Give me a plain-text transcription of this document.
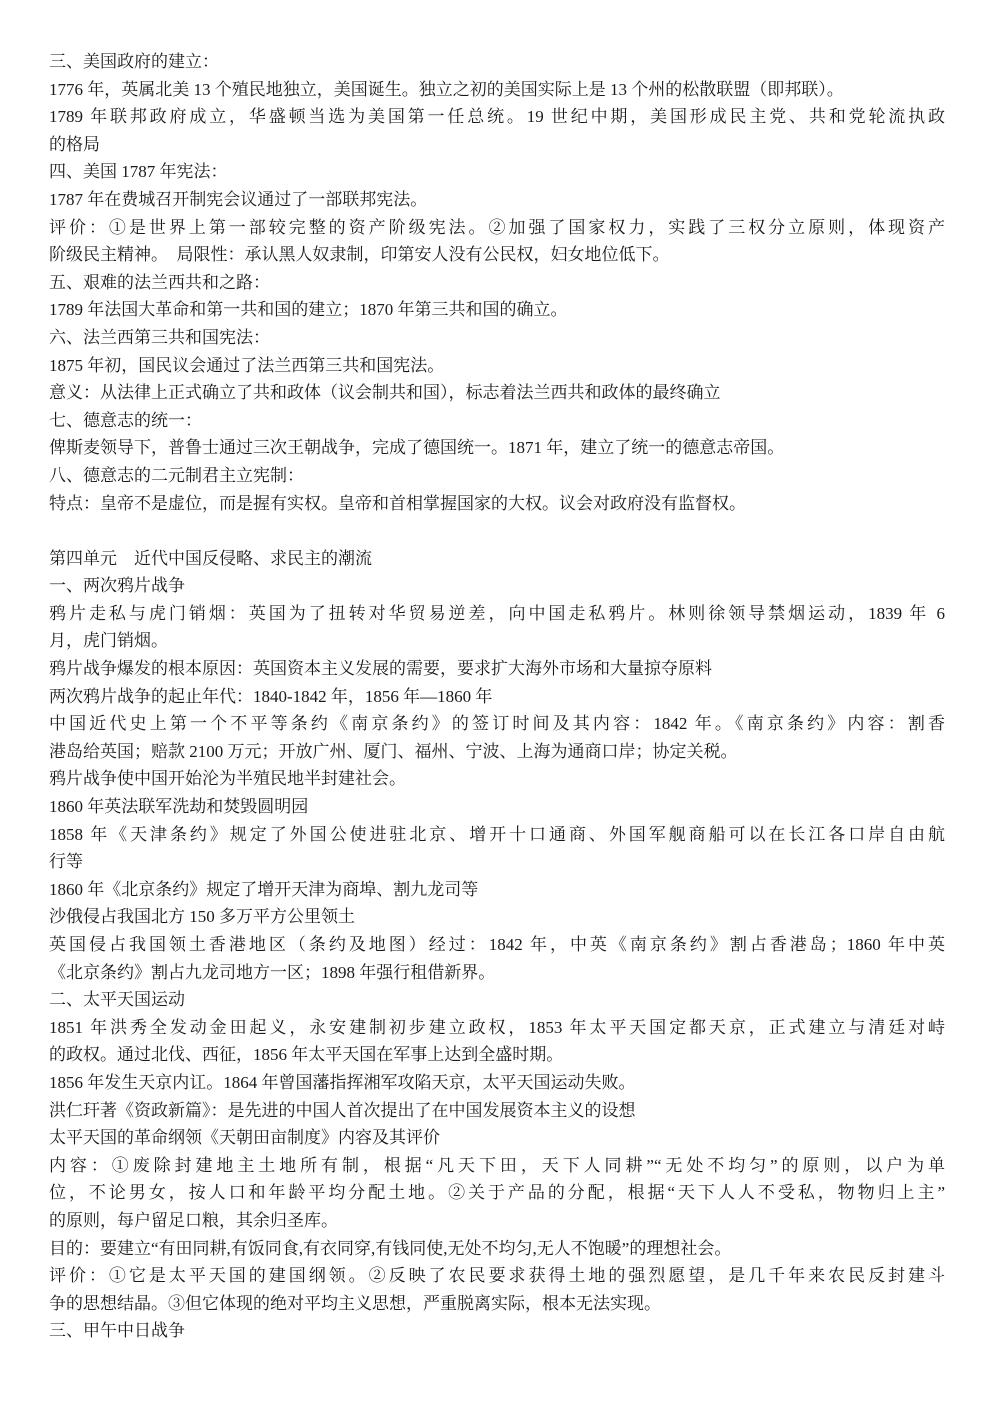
三、美国政府的建立：
1776 年，英属北美 13 个殖民地独立，美国诞生。独立之初的美国实际上是 13 个州的松散联盟（即邦联）。
1789 年联邦政府成立，华盛顿当选为美国第一任总统。19 世纪中期，美国形成民主党、共和党轮流执政
的格局
四、美国 1787 年宪法：
1787 年在费城召开制宪会议通过了一部联邦宪法。
评价：①是世界上第一部较完整的资产阶级宪法。②加强了国家权力，实践了三权分立原则，体现资产
阶级民主精神。　局限性：承认黑人奴隶制，印第安人没有公民权，妇女地位低下。
五、艰难的法兰西共和之路：
1789 年法国大革命和第一共和国的建立；1870 年第三共和国的确立。
六、法兰西第三共和国宪法：
1875 年初，国民议会通过了法兰西第三共和国宪法。
意义：从法律上正式确立了共和政体（议会制共和国），标志着法兰西共和政体的最终确立
七、德意志的统一：
俾斯麦领导下，普鲁士通过三次王朝战争，完成了德国统一。1871 年，建立了统一的德意志帝国。
八、德意志的二元制君主立宪制：
特点：皇帝不是虚位，而是握有实权。皇帝和首相掌握国家的大权。议会对政府没有监督权。
第四单元　近代中国反侵略、求民主的潮流
一、两次鸦片战争
鸦片走私与虎门销烟：英国为了扭转对华贸易逆差，向中国走私鸦片。林则徐领导禁烟运动，1839 年 6
月，虎门销烟。
鸦片战争爆发的根本原因：英国资本主义发展的需要，要求扩大海外市场和大量掠夺原料
两次鸦片战争的起止年代：1840-1842 年，1856 年—1860 年
中国近代史上第一个不平等条约《南京条约》的签订时间及其内容：1842 年。《南京条约》内容：割香
港岛给英国；赔款 2100 万元；开放广州、厦门、福州、宁波、上海为通商口岸；协定关税。
鸦片战争使中国开始沦为半殖民地半封建社会。
1860 年英法联军洗劫和焚毁圆明园
1858 年《天津条约》规定了外国公使进驻北京、增开十口通商、外国军舰商船可以在长江各口岸自由航
行等
1860 年《北京条约》规定了增开天津为商埠、割九龙司等
沙俄侵占我国北方 150 多万平方公里领土
英国侵占我国领土香港地区（条约及地图）经过：1842 年，中英《南京条约》割占香港岛；1860 年中英
《北京条约》割占九龙司地方一区；1898 年强行租借新界。
二、太平天国运动
1851 年洪秀全发动金田起义，永安建制初步建立政权，1853 年太平天国定都天京，正式建立与清廷对峙
的政权。通过北伐、西征，1856 年太平天国在军事上达到全盛时期。
1856 年发生天京内讧。1864 年曾国藩指挥湘军攻陷天京，太平天国运动失败。
洪仁玕著《资政新篇》：是先进的中国人首次提出了在中国发展资本主义的设想
太平天国的革命纲领《天朝田亩制度》内容及其评价
内容：①废除封建地主土地所有制，根据“凡天下田，天下人同耕”“无处不均匀”的原则，以户为单
位，不论男女，按人口和年龄平均分配土地。②关于产品的分配，根据“天下人人不受私，物物归上主”
的原则，每户留足口粮，其余归圣库。
目的：要建立“有田同耕,有饭同食,有衣同穿,有钱同使,无处不均匀,无人不饱暖”的理想社会。
评价：①它是太平天国的建国纲领。②反映了农民要求获得土地的强烈愿望，是几千年来农民反封建斗
争的思想结晶。③但它体现的绝对平均主义思想，严重脱离实际，根本无法实现。
三、甲午中日战争
